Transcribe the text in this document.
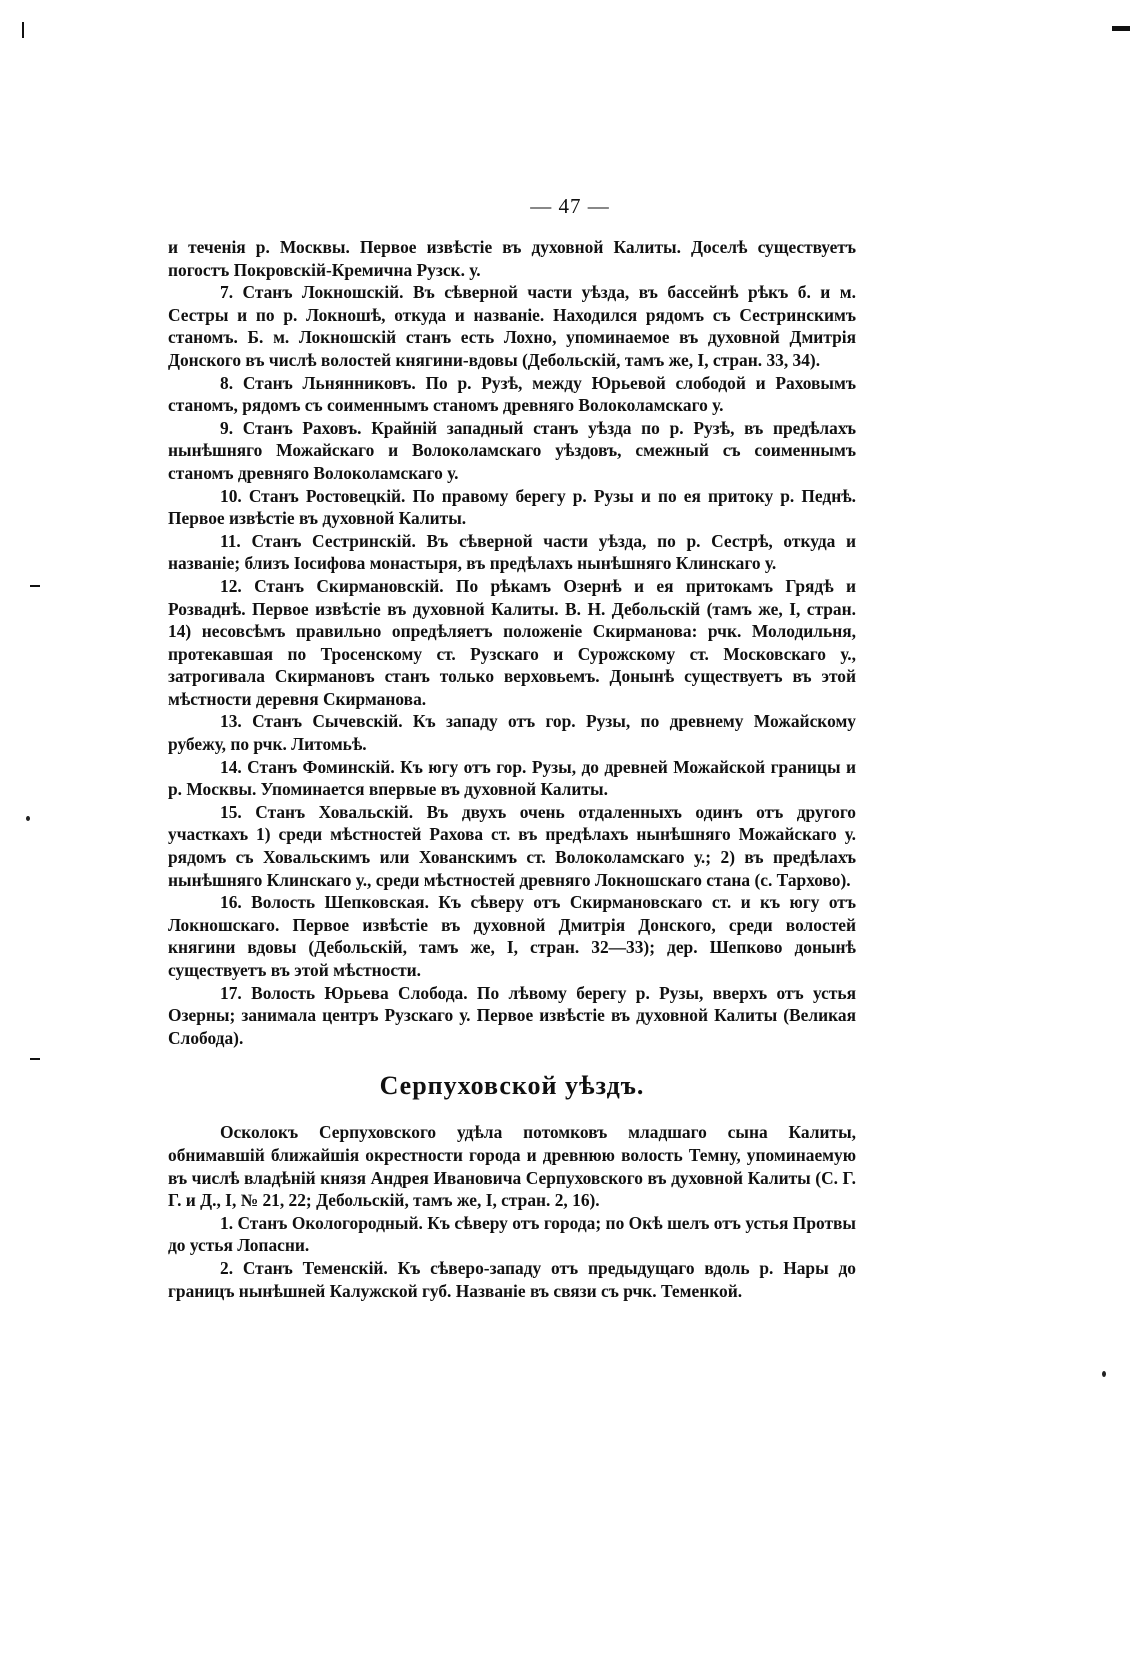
— 47 —

и теченія р. Москвы. Первое извѣстіе въ духовной Калиты. Доселѣ существуетъ погостъ Покровскій-Кремична Рузск. у.

7. Станъ Локношскій. Въ сѣверной части уѣзда, въ бассейнѣ рѣкъ б. и м. Сестры и по р. Локношѣ, откуда и названіе. Находился рядомъ съ Сестринскимъ станомъ. Б. м. Локношскій станъ есть Лохно, упоминаемое въ духовной Дмитрія Донского въ числѣ волостей княгини-вдовы (Дебольскій, тамъ же, I, стран. 33, 34).

8. Станъ Льнянниковъ. По р. Рузѣ, между Юрьевой слободой и Раховымъ станомъ, рядомъ съ соименнымъ станомъ древняго Волоколамскаго у.

9. Станъ Раховъ. Крайній западный станъ уѣзда по р. Рузѣ, въ предѣлахъ нынѣшняго Можайскаго и Волоколамскаго уѣздовъ, смежный съ соименнымъ станомъ древняго Волоколамскаго у.

10. Станъ Ростовецкій. По правому берегу р. Рузы и по ея притоку р. Педнѣ. Первое извѣстіе въ духовной Калиты.

11. Станъ Сестринскій. Въ сѣверной части уѣзда, по р. Сестрѣ, откуда и названіе; близъ Іосифова монастыря, въ предѣлахъ нынѣшняго Клинскаго у.

12. Станъ Скирмановскій. По рѣкамъ Озернѣ и ея притокамъ Грядѣ и Розваднѣ. Первое извѣстіе въ духовной Калиты. В. Н. Дебольскій (тамъ же, I, стран. 14) несовсѣмъ правильно опредѣляетъ положеніе Скирманова: рчк. Молодильня, протекавшая по Тросенскому ст. Рузскаго и Сурожскому ст. Московскаго у., затрогивала Скирмановъ станъ только верховьемъ. Донынѣ существуетъ въ этой мѣстности деревня Скирманова.

13. Станъ Сычевскій. Къ западу отъ гор. Рузы, по древнему Можайскому рубежу, по рчк. Литомьѣ.

14. Станъ Фоминскій. Къ югу отъ гор. Рузы, до древней Можайской границы и р. Москвы. Упоминается впервые въ духовной Калиты.

15. Станъ Ховальскій. Въ двухъ очень отдаленныхъ одинъ отъ другого участкахъ 1) среди мѣстностей Рахова ст. въ предѣлахъ нынѣшняго Можайскаго у. рядомъ съ Ховальскимъ или Хованскимъ ст. Волоколамскаго у.; 2) въ предѣлахъ нынѣшняго Клинскаго у., среди мѣстностей древняго Локношскаго стана (с. Тархово).

16. Волость Шепковская. Къ сѣверу отъ Скирмановскаго ст. и къ югу отъ Локношскаго. Первое извѣстіе въ духовной Дмитрія Донского, среди волостей княгини вдовы (Дебольскій, тамъ же, I, стран. 32—33); дер. Шепково донынѣ существуетъ въ этой мѣстности.

17. Волость Юрьева Слобода. По лѣвому берегу р. Рузы, вверхъ отъ устья Озерны; занимала центръ Рузскаго у. Первое извѣстіе въ духовной Калиты (Великая Слобода).

Серпуховской уѣздъ.

Осколокъ Серпуховского удѣла потомковъ младшаго сына Калиты, обнимавшій ближайшія окрестности города и древнюю волость Темну, упоминаемую въ числѣ владѣній князя Андрея Ивановича Серпуховского въ духовной Калиты (С. Г. Г. и Д., I, № 21, 22; Дебольскій, тамъ же, I, стран. 2, 16).

1. Станъ Окологородный. Къ сѣверу отъ города; по Окѣ шелъ отъ устья Протвы до устья Лопасни.

2. Станъ Теменскій. Къ сѣверо-западу отъ предыдущаго вдоль р. Нары до границъ нынѣшней Калужской губ. Названіе въ связи съ рчк. Теменкой.
